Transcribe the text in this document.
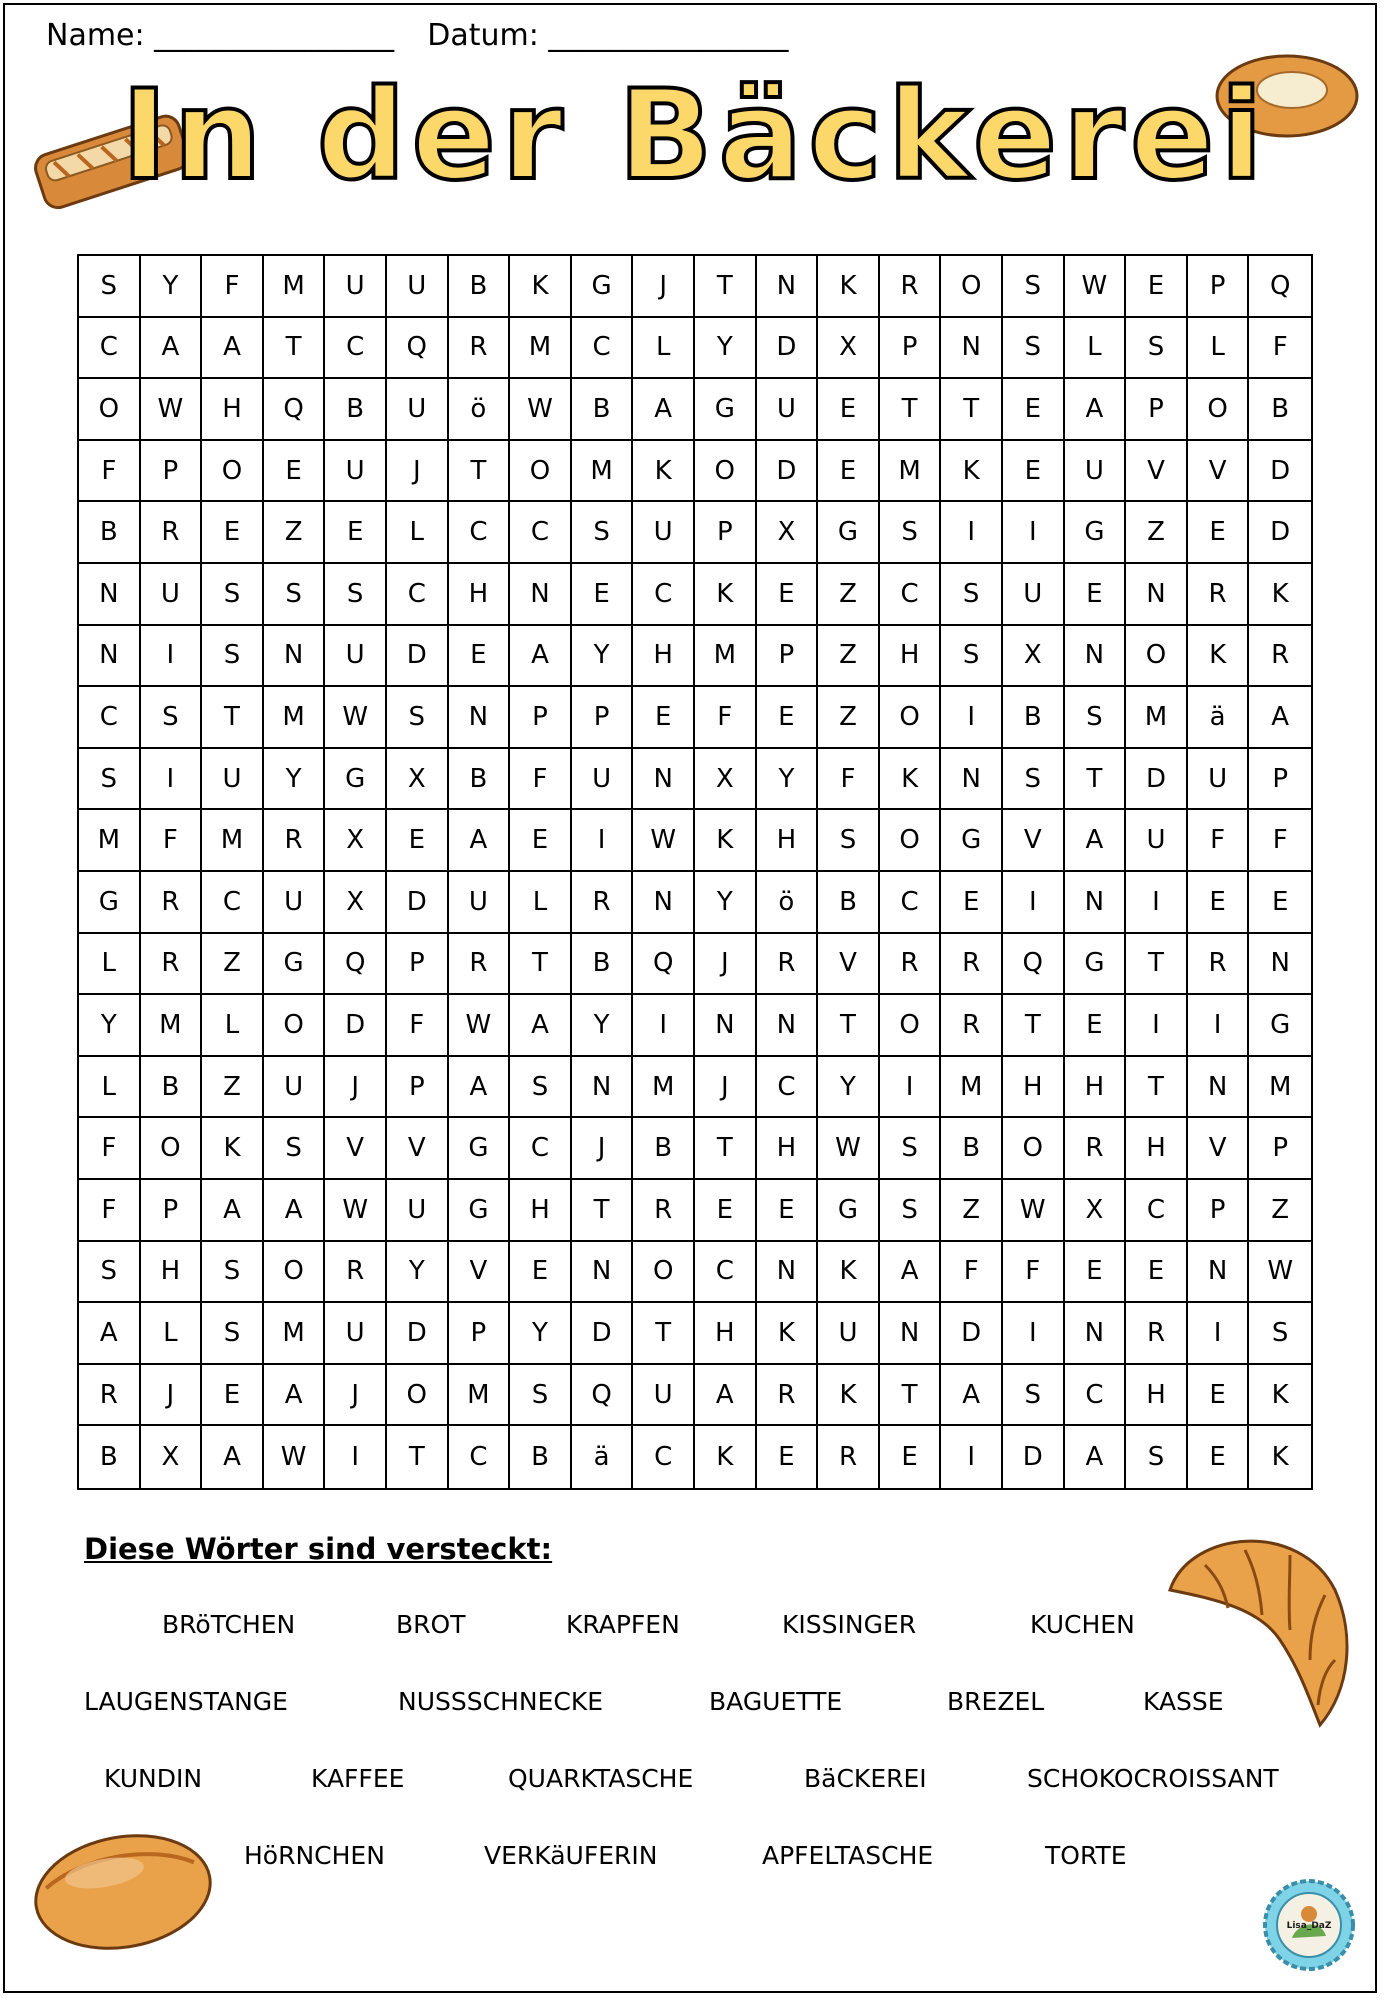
Name: ________________ Datum: ________________
In der Bäckerei
S	Y	F	M	U	U	B	K	G	J	T	N	K	R	O	S	W	E	P	Q
C	A	A	T	C	Q	R	M	C	L	Y	D	X	P	N	S	L	S	L	F
O	W	H	Q	B	U	ö	W	B	A	G	U	E	T	T	E	A	P	O	B
F	P	O	E	U	J	T	O	M	K	O	D	E	M	K	E	U	V	V	D
B	R	E	Z	E	L	C	C	S	U	P	X	G	S	I	I	G	Z	E	D
N	U	S	S	S	C	H	N	E	C	K	E	Z	C	S	U	E	N	R	K
N	I	S	N	U	D	E	A	Y	H	M	P	Z	H	S	X	N	O	K	R
C	S	T	M	W	S	N	P	P	E	F	E	Z	O	I	B	S	M	ä	A
S	I	U	Y	G	X	B	F	U	N	X	Y	F	K	N	S	T	D	U	P
M	F	M	R	X	E	A	E	I	W	K	H	S	O	G	V	A	U	F	F
G	R	C	U	X	D	U	L	R	N	Y	ö	B	C	E	I	N	I	E	E
L	R	Z	G	Q	P	R	T	B	Q	J	R	V	R	R	Q	G	T	R	N
Y	M	L	O	D	F	W	A	Y	I	N	N	T	O	R	T	E	I	I	G
L	B	Z	U	J	P	A	S	N	M	J	C	Y	I	M	H	H	T	N	M
F	O	K	S	V	V	G	C	J	B	T	H	W	S	B	O	R	H	V	P
F	P	A	A	W	U	G	H	T	R	E	E	G	S	Z	W	X	C	P	Z
S	H	S	O	R	Y	V	E	N	O	C	N	K	A	F	F	E	E	N	W
A	L	S	M	U	D	P	Y	D	T	H	K	U	N	D	I	N	R	I	S
R	J	E	A	J	O	M	S	Q	U	A	R	K	T	A	S	C	H	E	K
B	X	A	W	I	T	C	B	ä	C	K	E	R	E	I	D	A	S	E	K
Diese Wörter sind versteckt:
BRöTCHEN	BROT	KRAPFEN	KISSINGER	KUCHEN
LAUGENSTANGE	NUSSSCHNECKE	BAGUETTE	BREZEL	KASSE
KUNDIN	KAFFEE	QUARKTASCHE	BäCKEREI	SCHOKOCROISSANT
HöRNCHEN	VERKäUFERIN	APFELTASCHE	TORTE
Lisa_DaZ
